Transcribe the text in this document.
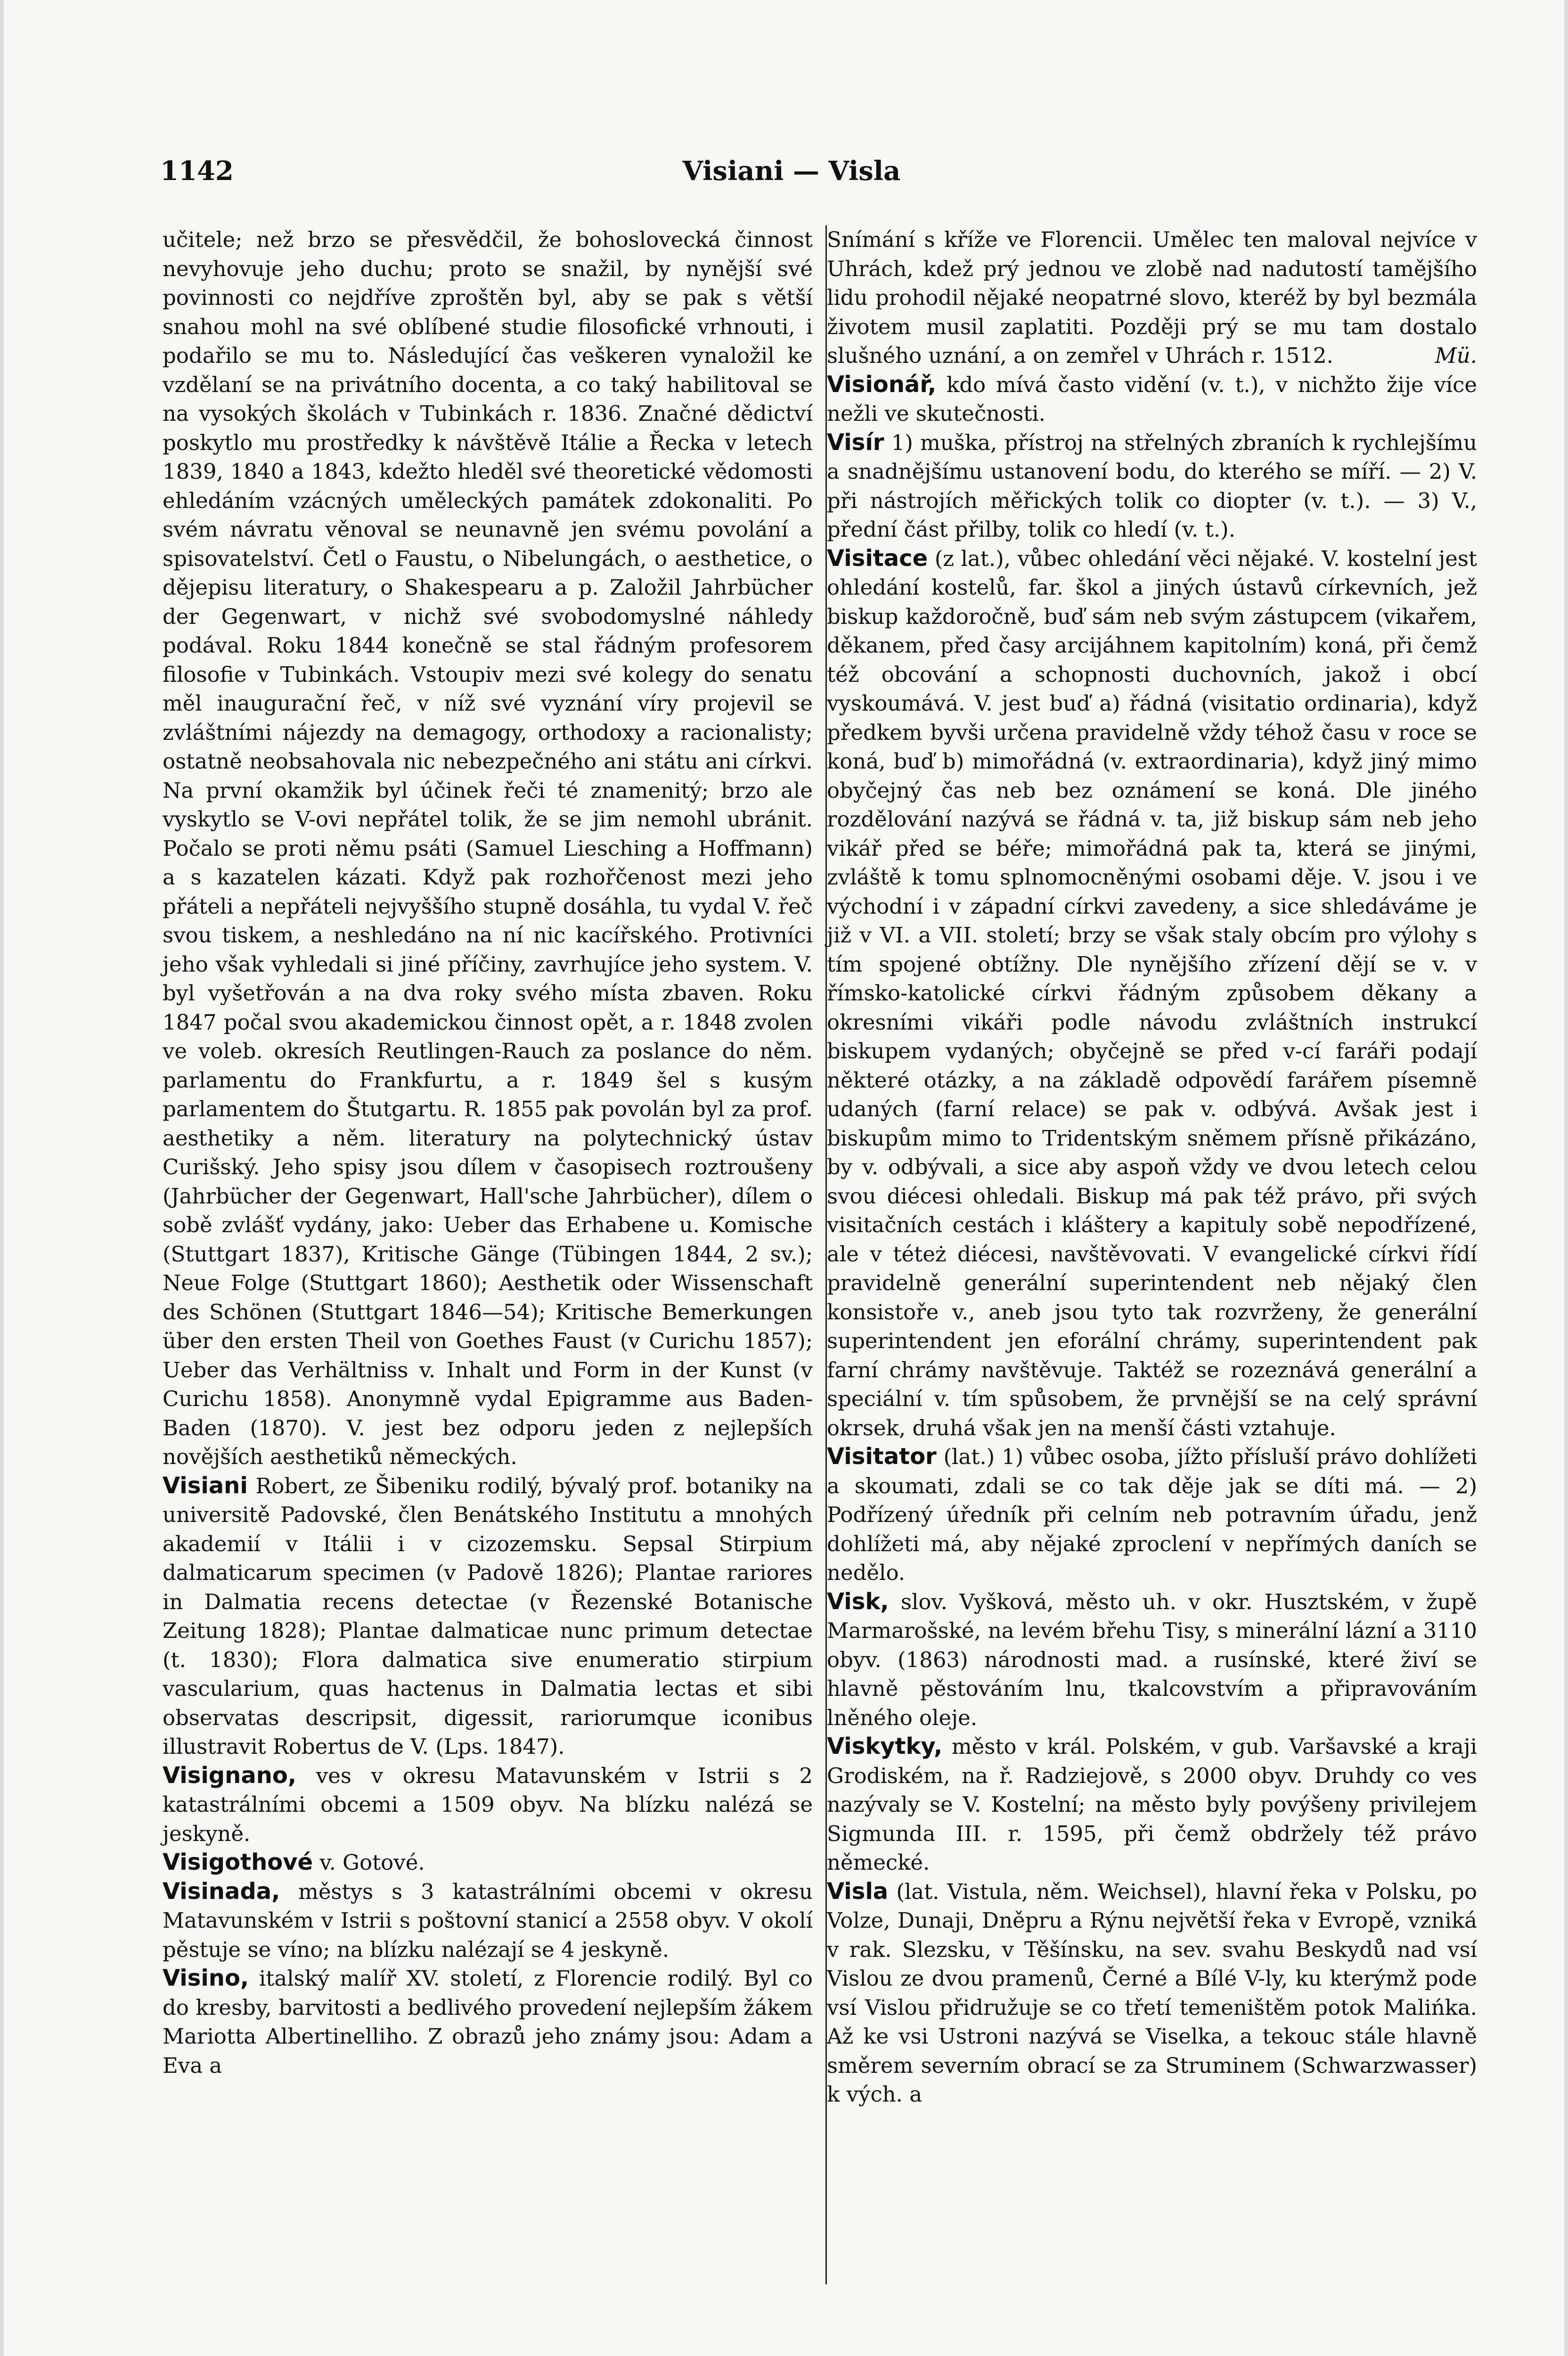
Visiani — Visla
1142

učitele; než brzo se přesvědčil, že bohoslovecká činnost nevyhovuje jeho duchu; proto se snažil, by nynější své povinnosti co nejdříve zproštěn byl, aby se pak s větší snahou mohl na své oblíbené studie filosofické vrhnouti, i podařilo se mu to. Následující čas veškeren vynaložil ke vzdělaní se na privátního docenta, a co taký habilitoval se na vysokých školách v Tubinkách r. 1836. Značné dědictví poskytlo mu prostředky k návštěvě Itálie a Řecka v letech 1839, 1840 a 1843, kdežto hleděl své theoretické vědomosti ehledáním vzácných uměleckých památek zdokonaliti. Po svém návratu věnoval se neunavně jen svému povolání a spisovatelství. Četl o Faustu, o Nibelungách, o aesthetice, o dějepisu literatury, o Shakespearu a p. Založil Jahrbücher der Gegenwart, v nichž své svobodomyslné náhledy podával. Roku 1844 konečně se stal řádným profesorem filosofie v Tubinkách. Vstoupiv mezi své kolegy do senatu měl inaugurační řeč, v níž své vyznání víry projevil se zvláštními nájezdy na demagogy, orthodoxy a racionalisty; ostatně neobsahovala nic nebezpečného ani státu ani církvi. Na první okamžik byl účinek řeči té znamenitý; brzo ale vyskytlo se V-ovi nepřátel tolik, že se jim nemohl ubránit. Počalo se proti němu psáti (Samuel Liesching a Hoffmann) a s kazatelen kázati. Když pak rozhořčenost mezi jeho přáteli a nepřáteli nejvyššího stupně dosáhla, tu vydal V. řeč svou tiskem, a neshledáno na ní nic kacířského. Protivníci jeho však vyhledali si jiné příčiny, zavrhujíce jeho system. V. byl vyšetřován a na dva roky svého místa zbaven. Roku 1847 počal svou akademickou činnost opět, a r. 1848 zvolen ve voleb. okresích Reutlingen-Rauch za poslance do něm. parlamentu do Frankfurtu, a r. 1849 šel s kusým parlamentem do Štutgartu. R. 1855 pak povolán byl za prof. aesthetiky a něm. literatury na polytechnický ústav Curišský. Jeho spisy jsou dílem v časopisech roztroušeny (Jahrbücher der Gegenwart, Hall'sche Jahrbücher), dílem o sobě zvlášť vydány, jako: Ueber das Erhabene u. Komische (Stuttgart 1837), Kritische Gänge (Tübingen 1844, 2 sv.); Neue Folge (Stuttgart 1860); Aesthetik oder Wissenschaft des Schönen (Stuttgart 1846—54); Kritische Bemerkungen über den ersten Theil von Goethes Faust (v Curichu 1857); Ueber das Verhältniss v. Inhalt und Form in der Kunst (v Curichu 1858). Anonymně vydal Epigramme aus Baden-Baden (1870). V. jest bez odporu jeden z nejlepších novějších aesthetiků německých.

Visiani Robert, ze Šibeniku rodilý, bývalý prof. botaniky na universitě Padovské, člen Benátského Institutu a mnohých akademií v Itálii i v cizozemsku. Sepsal Stirpium dalmaticarum specimen (v Padově 1826); Plantae rariores in Dalmatia recens detectae (v Řezenské Botanische Zeitung 1828); Plantae dalmaticae nunc primum detectae (t. 1830); Flora dalmatica sive enumeratio stirpium vascularium, quas hactenus in Dalmatia lectas et sibi observatas descripsit, digessit, rariorumque iconibus illustravit Robertus de V. (Lps. 1847).

Visignano, ves v okresu Matavunském v Istrii s 2 katastrálními obcemi a 1509 obyv. Na blízku nalézá se jeskyně.

Visigothové v. Gotové.

Visinada, městys s 3 katastrálními obcemi v okresu Matavunském v Istrii s poštovní stanicí a 2558 obyv. V okolí pěstuje se víno; na blízku nalézají se 4 jeskyně.

Visino, italský malíř XV. století, z Florencie rodilý. Byl co do kresby, barvitosti a bedlivého provedení nejlepším žákem Mariotta Albertinelliho. Z obrazů jeho známy jsou: Adam a Eva a

Snímání s kříže ve Florencii. Umělec ten maloval nejvíce v Uhrách, kdež prý jednou ve zlobě nad nadutostí tamějšího lidu prohodil nějaké neopatrné slovo, kteréž by byl bezmála životem musil zaplatiti. Později prý se mu tam dostalo slušného uznání, a on zemřel v Uhrách r. 1512.	Mü.

Visionář, kdo mívá často vidění (v. t.), v nichžto žije více nežli ve skutečnosti.

Visír 1) muška, přístroj na střelných zbraních k rychlejšímu a snadnějšímu ustanovení bodu, do kterého se míří. — 2) V. při nástrojích měřických tolik co diopter (v. t.). — 3) V., přední část přilby, tolik co hledí (v. t.).

Visitace (z lat.), vůbec ohledání věci nějaké. V. kostelní jest ohledání kostelů, far. škol a jiných ústavů církevních, jež biskup každoročně, buď sám neb svým zástupcem (vikařem, děkanem, před časy arcijáhnem kapitolním) koná, při čemž též obcování a schopnosti duchovních, jakož i obcí vyskoumává. V. jest buď a) řádná (visitatio ordinaria), když předkem byvši určena pravidelně vždy téhož času v roce se koná, buď b) mimořádná (v. extraordinaria), když jiný mimo obyčejný čas neb bez oznámení se koná. Dle jiného rozdělování nazývá se řádná v. ta, již biskup sám neb jeho vikář před se béře; mimořádná pak ta, která se jinými, zvláště k tomu splnomocněnými osobami děje. V. jsou i ve východní i v západní církvi zavedeny, a sice shledáváme je již v VI. a VII. století; brzy se však staly obcím pro výlohy s tím spojené obtížny. Dle nynějšího zřízení dějí se v. v římsko-katolické církvi řádným způsobem děkany a okresními vikáři podle návodu zvláštních instrukcí biskupem vydaných; obyčejně se před v-cí faráři podají některé otázky, a na základě odpovědí farářem písemně udaných (farní relace) se pak v. odbývá. Avšak jest i biskupům mimo to Tridentským sněmem přísně přikázáno, by v. odbývali, a sice aby aspoň vždy ve dvou letech celou svou diécesi ohledali. Biskup má pak též právo, při svých visitačních cestách i kláštery a kapituly sobě nepodřízené, ale v téteż diécesi, navštěvovati. V evangelické církvi řídí pravidelně generální superintendent neb nějaký člen konsistoře v., aneb jsou tyto tak rozvrženy, že generální superintendent jen eforální chrámy, superintendent pak farní chrámy navštěvuje. Taktéž se rozeznává generální a speciální v. tím spůsobem, že prvnější se na celý správní okrsek, druhá však jen na menší části vztahuje.

Visitator (lat.) 1) vůbec osoba, jížto přísluší právo dohlížeti a skoumati, zdali se co tak děje jak se díti má. — 2) Podřízený úředník při celním neb potravním úřadu, jenž dohlížeti má, aby nějaké zproclení v nepřímých daních se nedělo.

Visk, slov. Vyšková, město uh. v okr. Husztském, v župě Marmarošské, na levém břehu Tisy, s minerální lázní a 3110 obyv. (1863) národnosti mad. a rusínské, které živí se hlavně pěstováním lnu, tkalcovstvím a připravováním lněného oleje.

Viskytky, město v král. Polském, v gub. Varšavské a kraji Grodiském, na ř. Radziejově, s 2000 obyv. Druhdy co ves nazývaly se V. Kostelní; na město byly povýšeny privilejem Sigmunda III. r. 1595, při čemž obdržely též právo německé.

Visla (lat. Vistula, něm. Weichsel), hlavní řeka v Polsku, po Volze, Dunaji, Dněpru a Rýnu největší řeka v Evropě, vzniká v rak. Slezsku, v Těšínsku, na sev. svahu Beskydů nad vsí Vislou ze dvou pramenů, Černé a Bílé V-ly, ku kterýmž pode vsí Vislou přidružuje se co třetí temeništěm potok Malińka. Až ke vsi Ustroni nazývá se Viselka, a tekouc stále hlavně směrem severním obrací se za Struminem (Schwarzwasser) k vých. a
